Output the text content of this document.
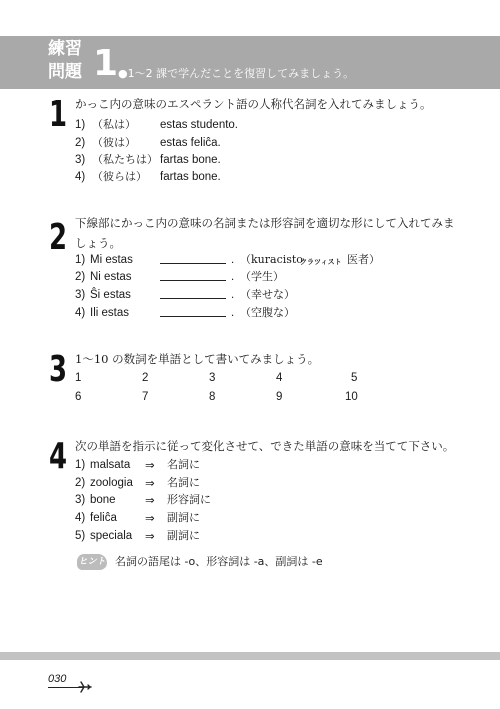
練習問題 1 ●1〜2 課で学んだことを復習してみましょう。
1 かっこ内の意味のエスペラント語の人称代名詞を入れてみましょう。
1) （私は） estas studento.
2) （彼は） estas feliĉa.
3) （私たちは） fartas bone.
4) （彼らは） fartas bone.
2 下線部にかっこ内の意味の名詞または形容詞を適切な形にして入れてみましょう。
1) Mi estas	. （kuracisto
クラツィスト 医者）
2) Ni estas	. （学生）
3) Ŝi estas	. （幸せな）
4) Ili estas	. （空腹な）
3 1〜10 の数詞を単語として書いてみましょう。
1	2	3	4	5
6	7	8	9	10
4 次の単語を指示に従って変化させて、できた単語の意味を当てて下さい。
1) malsata ⇒ 名詞に
2) zoologia ⇒ 名詞に
3) bone	⇒ 形容詞に
4) feliĉa ⇒ 副詞に
5) speciala ⇒ 副詞に
ヒント 名詞の語尾は -o、形容詞は -a、副詞は -e
030
